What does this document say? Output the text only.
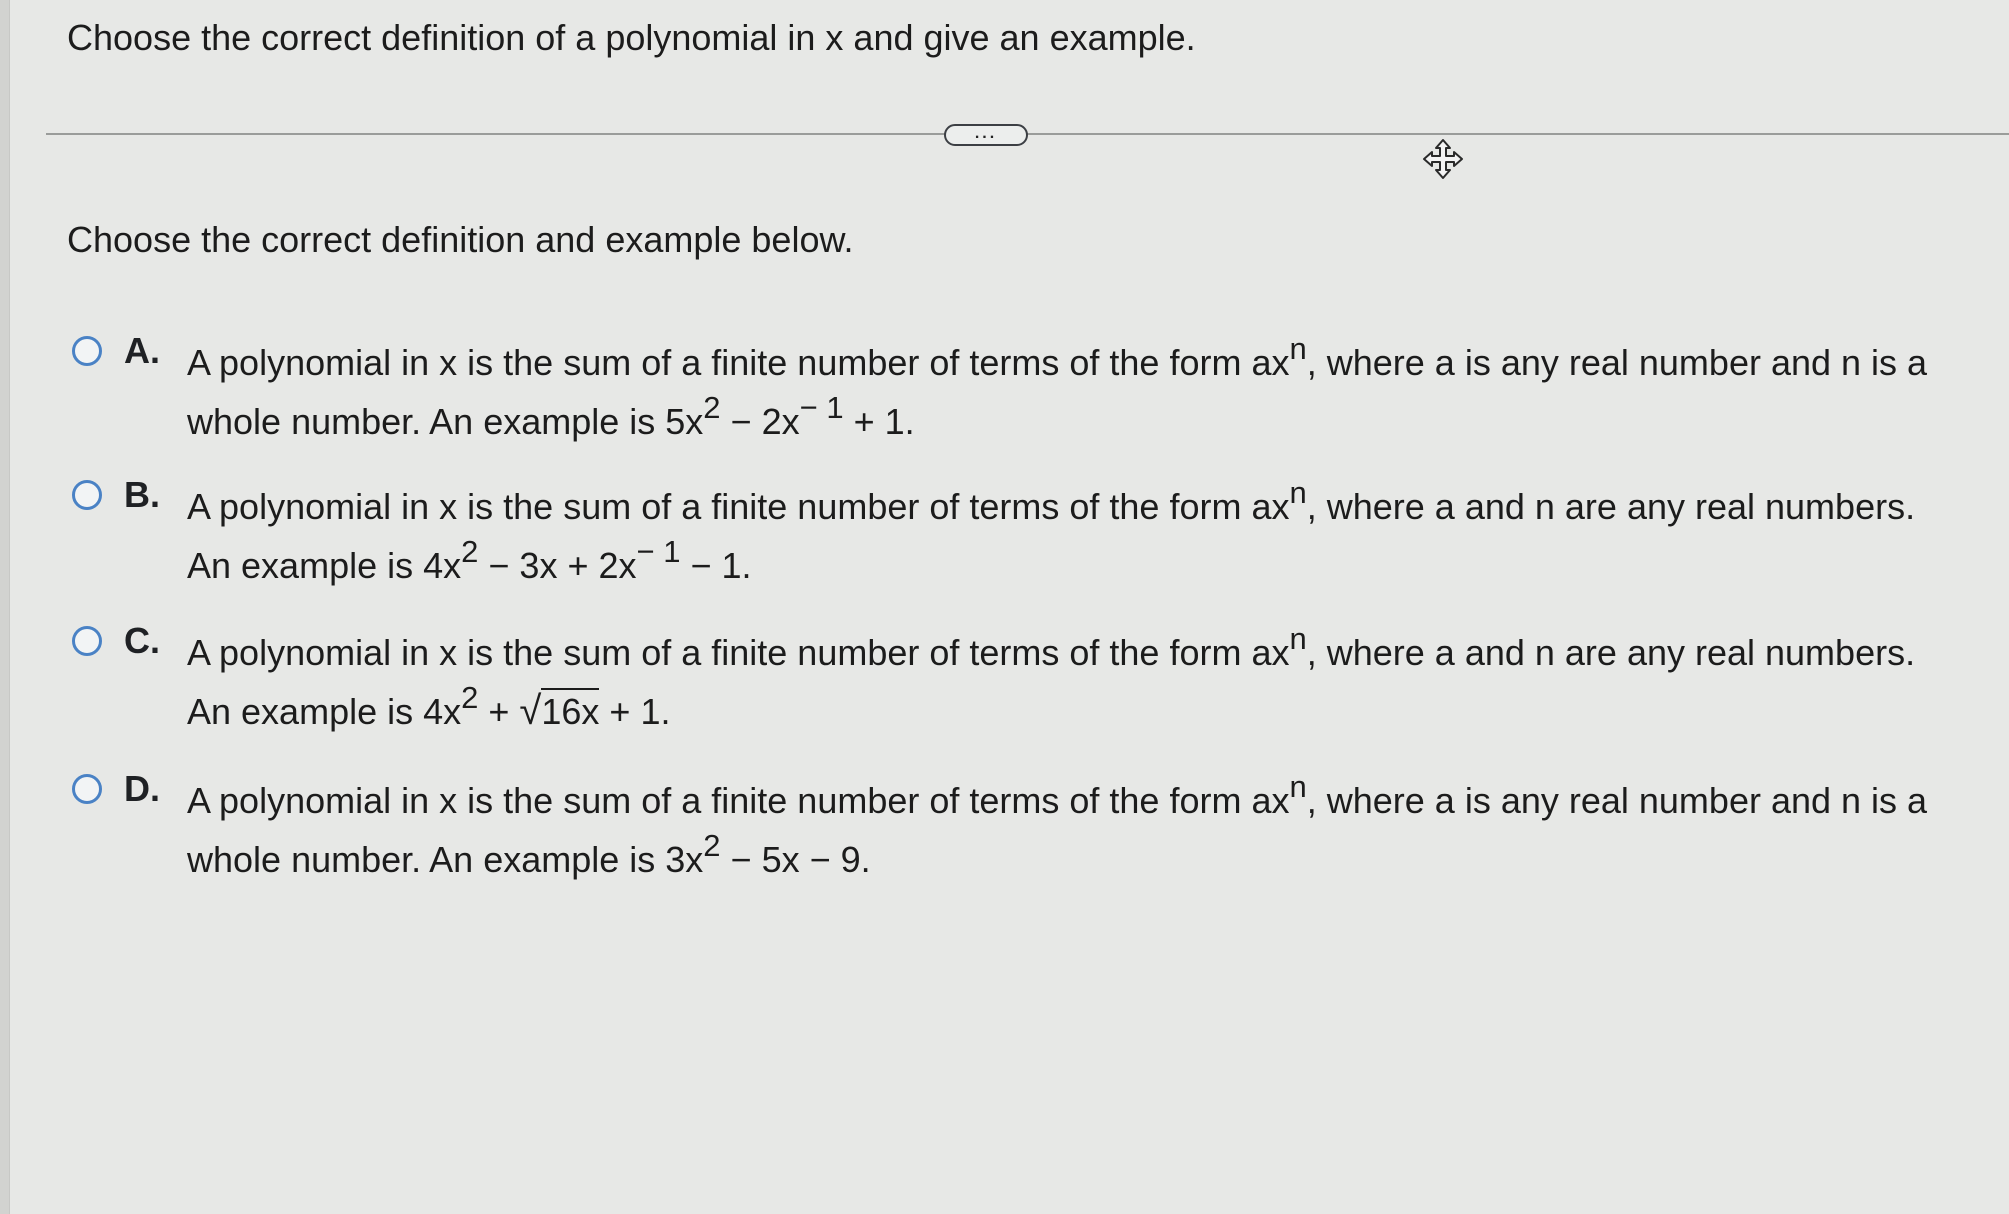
Choose the correct definition of a polynomial in x and give an example.
...
Choose the correct definition and example below.
A. A polynomial in x is the sum of a finite number of terms of the form axn, where a is any real number and n is a
whole number. An example is 5x2 − 2x− 1 + 1.
B. A polynomial in x is the sum of a finite number of terms of the form axn, where a and n are any real numbers.
An example is 4x2 − 3x + 2x− 1 − 1.
C. A polynomial in x is the sum of a finite number of terms of the form axn, where a and n are any real numbers.
An example is 4x2 + √16x + 1.
D. A polynomial in x is the sum of a finite number of terms of the form axn, where a is any real number and n is a
whole number. An example is 3x2 − 5x − 9.
